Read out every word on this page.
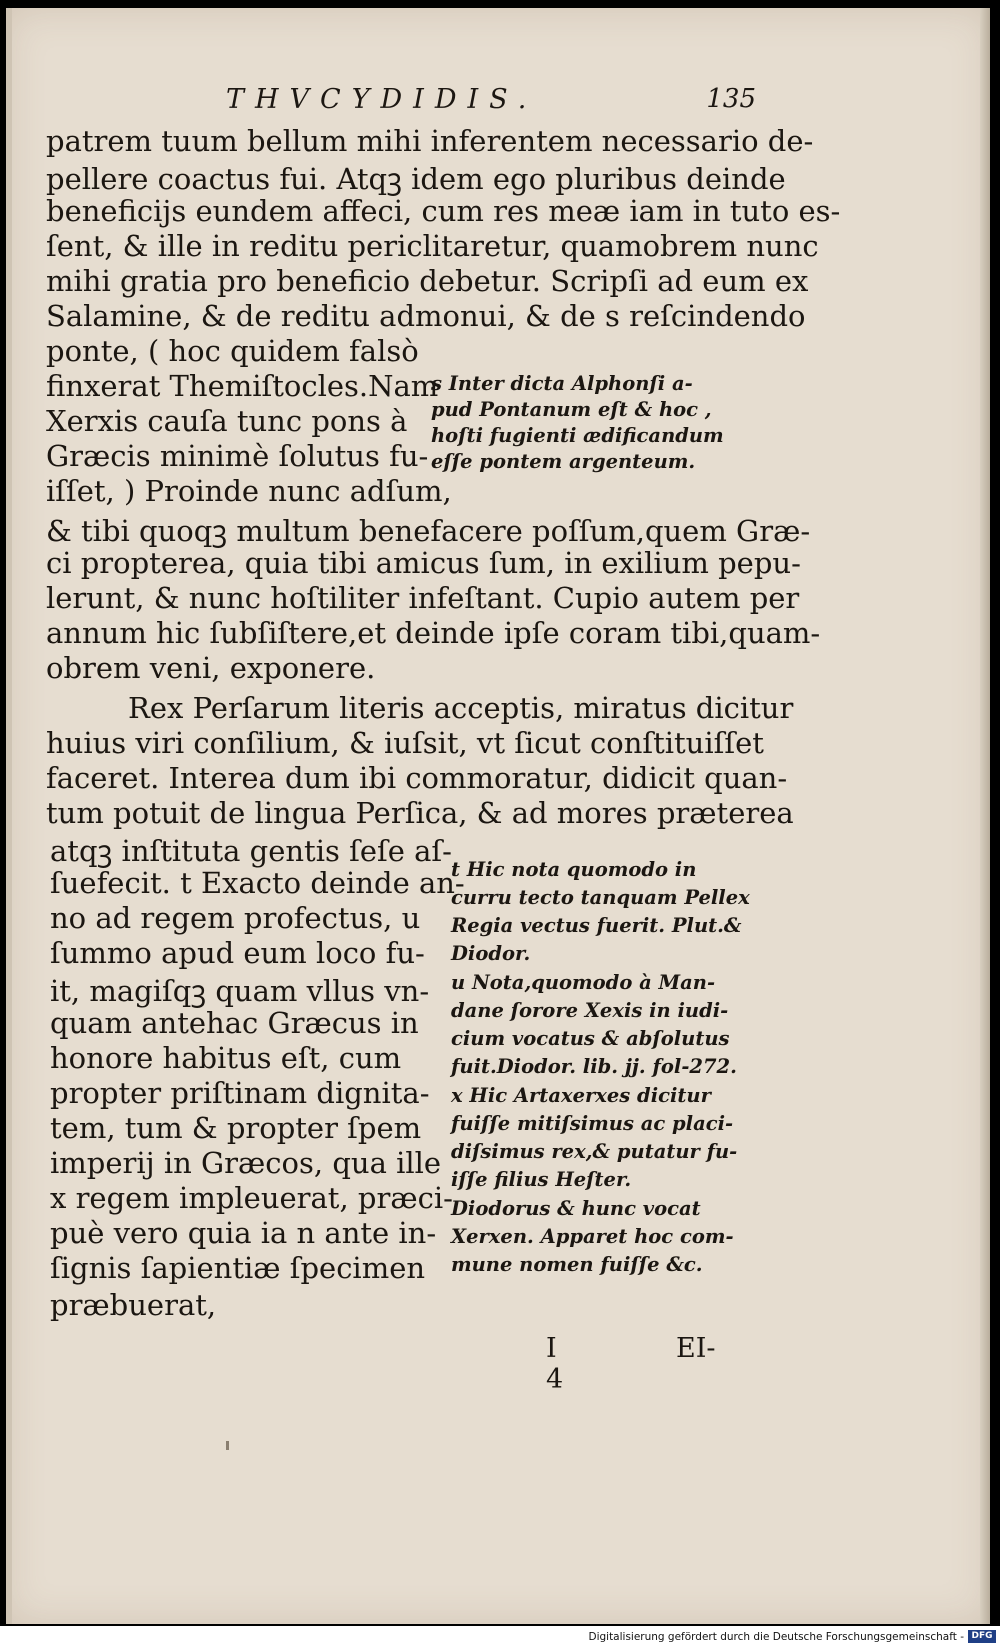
THVCYDIDIS.	135
patrem tuum bellum mihi inferentem necessario de-
pellere coactus fui. Atqꝫ idem ego pluribus deinde
beneficijs eundem affeci, cum res meæ iam in tuto es-
ſent, & ille in reditu periclitaretur, quamobrem nunc
mihi gratia pro beneficio debetur. Scripſi ad eum ex
Salamine, & de reditu admonui, & de s reſcindendo
ponte, ( hoc quidem falsò
finxerat Themiſtocles.Nam
Xerxis cauſa tunc pons à
Græcis minimè ſolutus fu-
iſſet, ) Proinde nunc adſum,
s Inter dicta Alphonſi a-
pud Pontanum eſt & hoc ,
hoſti fugienti ædificandum
eſſe pontem argenteum.
& tibi quoqꝫ multum benefacere poſſum,quem Græ-
ci propterea, quia tibi amicus ſum, in exilium pepu-
lerunt, & nunc hoſtiliter infeſtant. Cupio autem per
annum hic ſubſiſtere,et deinde ipſe coram tibi,quam-
obrem veni, exponere.
Rex Perſarum literis acceptis, miratus dicitur
huius viri conſilium, & iuſsit, vt ſicut conſtituiſſet
faceret. Interea dum ibi commoratur, didicit quan-
tum potuit de lingua Perſica, & ad mores præterea
atqꝫ inſtituta gentis ſeſe aſ-
ſuefecit. t Exacto deinde an-
no ad regem profectus, u
ſummo apud eum loco fu-
it, magiſqꝫ quam vllus vn-
quam antehac Græcus in
honore habitus eſt, cum
propter priſtinam dignita-
tem, tum & propter ſpem
imperij in Græcos, qua ille
x regem impleuerat, præci-
puè vero quia ia n ante in-
ſignis ſapientiæ ſpecimen
præbuerat,
t Hic nota quomodo in
curru tecto tanquam Pellex
Regia vectus fuerit. Plut.&
Diodor.
u Nota,quomodo à Man-
dane ſorore Xexis in iudi-
cium vocatus & abſolutus
fuit.Diodor. lib. jj. fol-272.
x Hic Artaxerxes dicitur
fuiſſe mitiſsimus ac placi-
diſsimus rex,& putatur fu-
iſſe filius Heſter.
Diodorus & hunc vocat
Xerxen. Apparet hoc com-
mune nomen fuiſſe &c.
I 4
EI-
Digitalisierung gefördert durch die Deutsche Forschungsgemeinschaft - DFG
